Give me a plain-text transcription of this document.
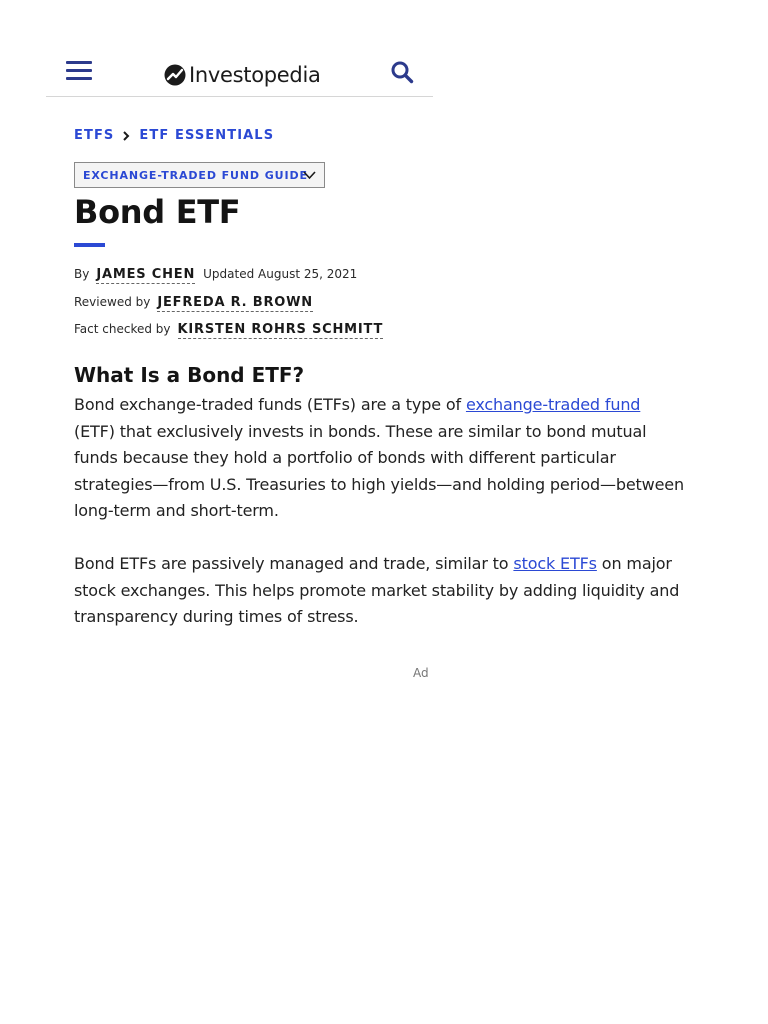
Investopedia
ETFS ETF ESSENTIALS
EXCHANGE-TRADED FUND GUIDE
Bond ETF
By JAMES CHEN Updated August 25, 2021
Reviewed by JEFREDA R. BROWN
Fact checked by KIRSTEN ROHRS SCHMITT
What Is a Bond ETF?

Bond exchange-traded funds (ETFs) are a type of exchange-traded fund (ETF) that exclusively invests in bonds. These are similar to bond mutual funds because they hold a portfolio of bonds with different particular strategies—from U.S. Treasuries to high yields—and holding period—between long-term and short-term.

Bond ETFs are passively managed and trade, similar to stock ETFs on major stock exchanges. This helps promote market stability by adding liquidity and transparency during times of stress.

Ad
